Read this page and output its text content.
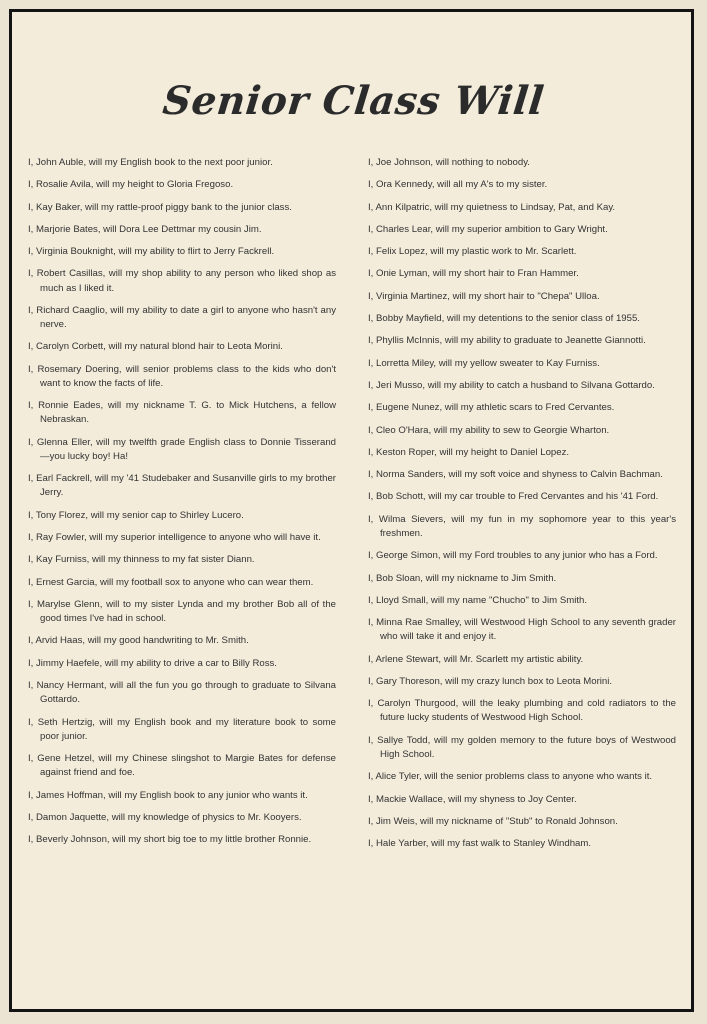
Senior Class Will

I, John Auble, will my English book to the next poor junior.

I, Rosalie Avila, will my height to Gloria Fregoso.

I, Kay Baker, will my rattle-proof piggy bank to the junior class.

I, Marjorie Bates, will Dora Lee Dettmar my cousin Jim.

I, Virginia Bouknight, will my ability to flirt to Jerry Fackrell.

I, Robert Casillas, will my shop ability to any person who liked shop as much as I liked it.

I, Richard Caaglio, will my ability to date a girl to anyone who hasn't any nerve.

I, Carolyn Corbett, will my natural blond hair to Leota Morini.

I, Rosemary Doering, will senior problems class to the kids who don't want to know the facts of life.

I, Ronnie Eades, will my nickname T. G. to Mick Hutchens, a fellow Nebraskan.

I, Glenna Eller, will my twelfth grade English class to Donnie Tisserand—you lucky boy! Ha!

I, Earl Fackrell, will my '41 Studebaker and Susanville girls to my brother Jerry.

I, Tony Florez, will my senior cap to Shirley Lucero.

I, Ray Fowler, will my superior intelligence to anyone who will have it.

I, Kay Furniss, will my thinness to my fat sister Diann.

I, Ernest Garcia, will my football sox to anyone who can wear them.

I, Marylse Glenn, will to my sister Lynda and my brother Bob all of the good times I've had in school.

I, Arvid Haas, will my good handwriting to Mr. Smith.

I, Jimmy Haefele, will my ability to drive a car to Billy Ross.

I, Nancy Hermant, will all the fun you go through to graduate to Silvana Gottardo.

I, Seth Hertzig, will my English book and my literature book to some poor junior.

I, Gene Hetzel, will my Chinese slingshot to Margie Bates for defense against friend and foe.

I, James Hoffman, will my English book to any junior who wants it.

I, Damon Jaquette, will my knowledge of physics to Mr. Kooyers.

I, Beverly Johnson, will my short big toe to my little brother Ronnie.

I, Joe Johnson, will nothing to nobody.

I, Ora Kennedy, will all my A's to my sister.

I, Ann Kilpatric, will my quietness to Lindsay, Pat, and Kay.

I, Charles Lear, will my superior ambition to Gary Wright.

I, Felix Lopez, will my plastic work to Mr. Scarlett.

I, Onie Lyman, will my short hair to Fran Hammer.

I, Virginia Martinez, will my short hair to "Chepa" Ulloa.

I, Bobby Mayfield, will my detentions to the senior class of 1955.

I, Phyllis McInnis, will my ability to graduate to Jeanette Giannotti.

I, Lorretta Miley, will my yellow sweater to Kay Furniss.

I, Jeri Musso, will my ability to catch a husband to Silvana Gottardo.

I, Eugene Nunez, will my athletic scars to Fred Cervantes.

I, Cleo O'Hara, will my ability to sew to Georgie Wharton.

I, Keston Roper, will my height to Daniel Lopez.

I, Norma Sanders, will my soft voice and shyness to Calvin Bachman.

I, Bob Schott, will my car trouble to Fred Cervantes and his '41 Ford.

I, Wilma Sievers, will my fun in my sophomore year to this year's freshmen.

I, George Simon, will my Ford troubles to any junior who has a Ford.

I, Bob Sloan, will my nickname to Jim Smith.

I, Lloyd Small, will my name "Chucho" to Jim Smith.

I, Minna Rae Smalley, will Westwood High School to any seventh grader who will take it and enjoy it.

I, Arlene Stewart, will Mr. Scarlett my artistic ability.

I, Gary Thoreson, will my crazy lunch box to Leota Morini.

I, Carolyn Thurgood, will the leaky plumbing and cold radiators to the future lucky students of Westwood High School.

I, Sallye Todd, will my golden memory to the future boys of Westwood High School.

I, Alice Tyler, will the senior problems class to anyone who wants it.

I, Mackie Wallace, will my shyness to Joy Center.

I, Jim Weis, will my nickname of "Stub" to Ronald Johnson.

I, Hale Yarber, will my fast walk to Stanley Windham.
